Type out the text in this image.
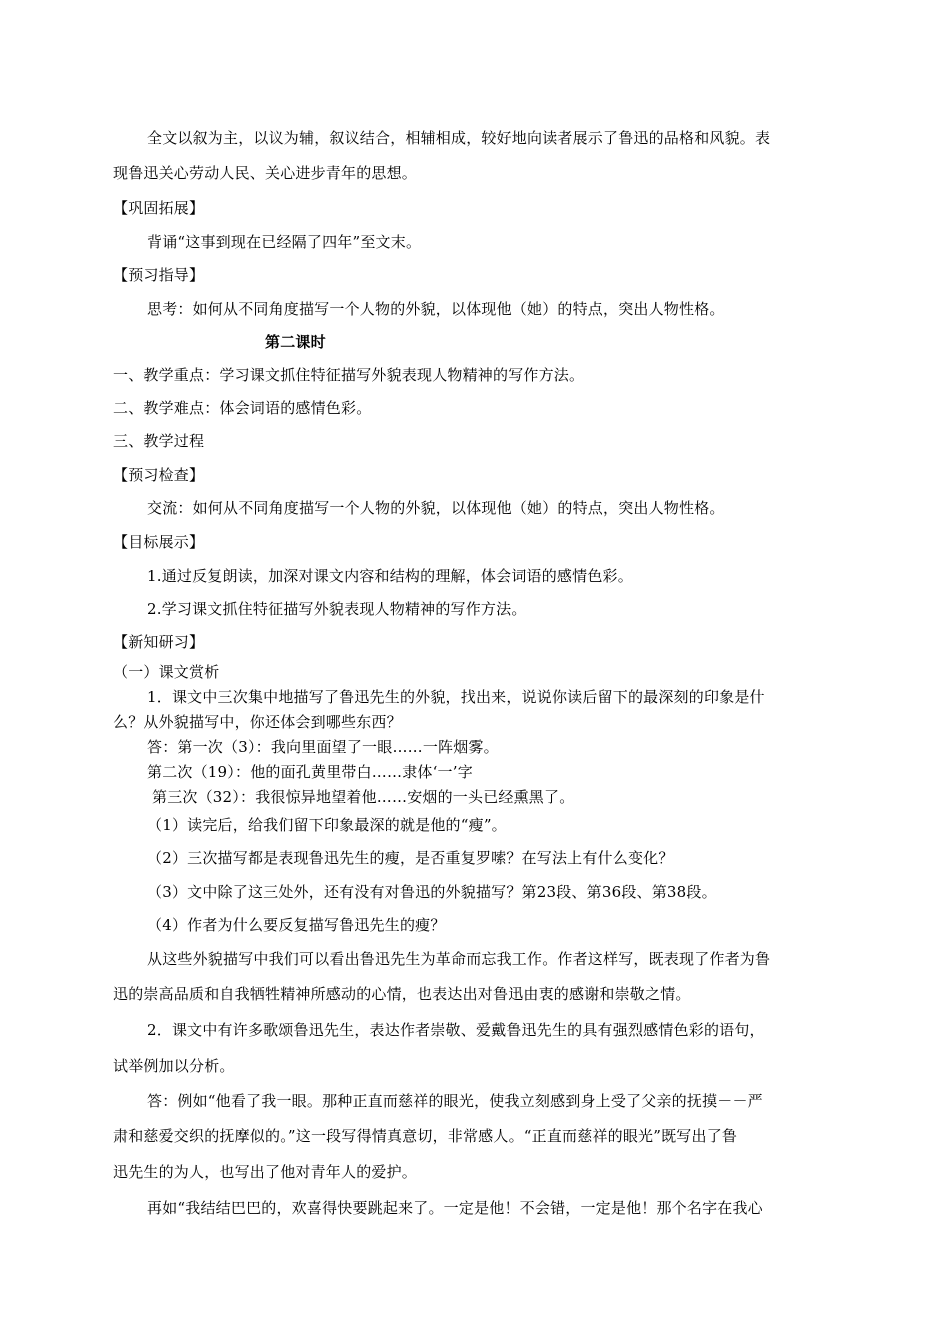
全文以叙为主，以议为辅，叙议结合，相辅相成，较好地向读者展示了鲁迅的品格和风貌。表
现鲁迅关心劳动人民、关心进步青年的思想。
【巩固拓展】
背诵“这事到现在已经隔了四年”至文末。
【预习指导】
思考：如何从不同角度描写一个人物的外貌，以体现他（她）的特点，突出人物性格。
第二课时
一、教学重点：学习课文抓住特征描写外貌表现人物精神的写作方法。
二、教学难点：体会词语的感情色彩。
三、教学过程
【预习检查】
交流：如何从不同角度描写一个人物的外貌，以体现他（她）的特点，突出人物性格。
【目标展示】
1.通过反复朗读，加深对课文内容和结构的理解，体会词语的感情色彩。
2.学习课文抓住特征描写外貌表现人物精神的写作方法。
【新知研习】
（一）课文赏析
1．课文中三次集中地描写了鲁迅先生的外貌，找出来，说说你读后留下的最深刻的印象是什
么？从外貌描写中，你还体会到哪些东西？
答：第一次（3）：我向里面望了一眼……一阵烟雾。
第二次（19）：他的面孔黄里带白……隶体‘一’字
第三次（32）：我很惊异地望着他……安烟的一头已经熏黑了。
（1）读完后，给我们留下印象最深的就是他的“瘦”。
（2）三次描写都是表现鲁迅先生的瘦，是否重复罗嗦？在写法上有什么变化？
（3）文中除了这三处外，还有没有对鲁迅的外貌描写？第23段、第36段、第38段。
（4）作者为什么要反复描写鲁迅先生的瘦？
从这些外貌描写中我们可以看出鲁迅先生为革命而忘我工作。作者这样写，既表现了作者为鲁
迅的崇高品质和自我牺牲精神所感动的心情，也表达出对鲁迅由衷的感谢和崇敬之情。
2．课文中有许多歌颂鲁迅先生，表达作者崇敬、爱戴鲁迅先生的具有强烈感情色彩的语句，
试举例加以分析。
答：例如“他看了我一眼。那种正直而慈祥的眼光，使我立刻感到身上受了父亲的抚摸－－严
肃和慈爱交织的抚摩似的。”这一段写得情真意切，非常感人。“正直而慈祥的眼光”既写出了鲁
迅先生的为人，也写出了他对青年人的爱护。
再如“我结结巴巴的，欢喜得快要跳起来了。一定是他！不会错，一定是他！那个名字在我心
